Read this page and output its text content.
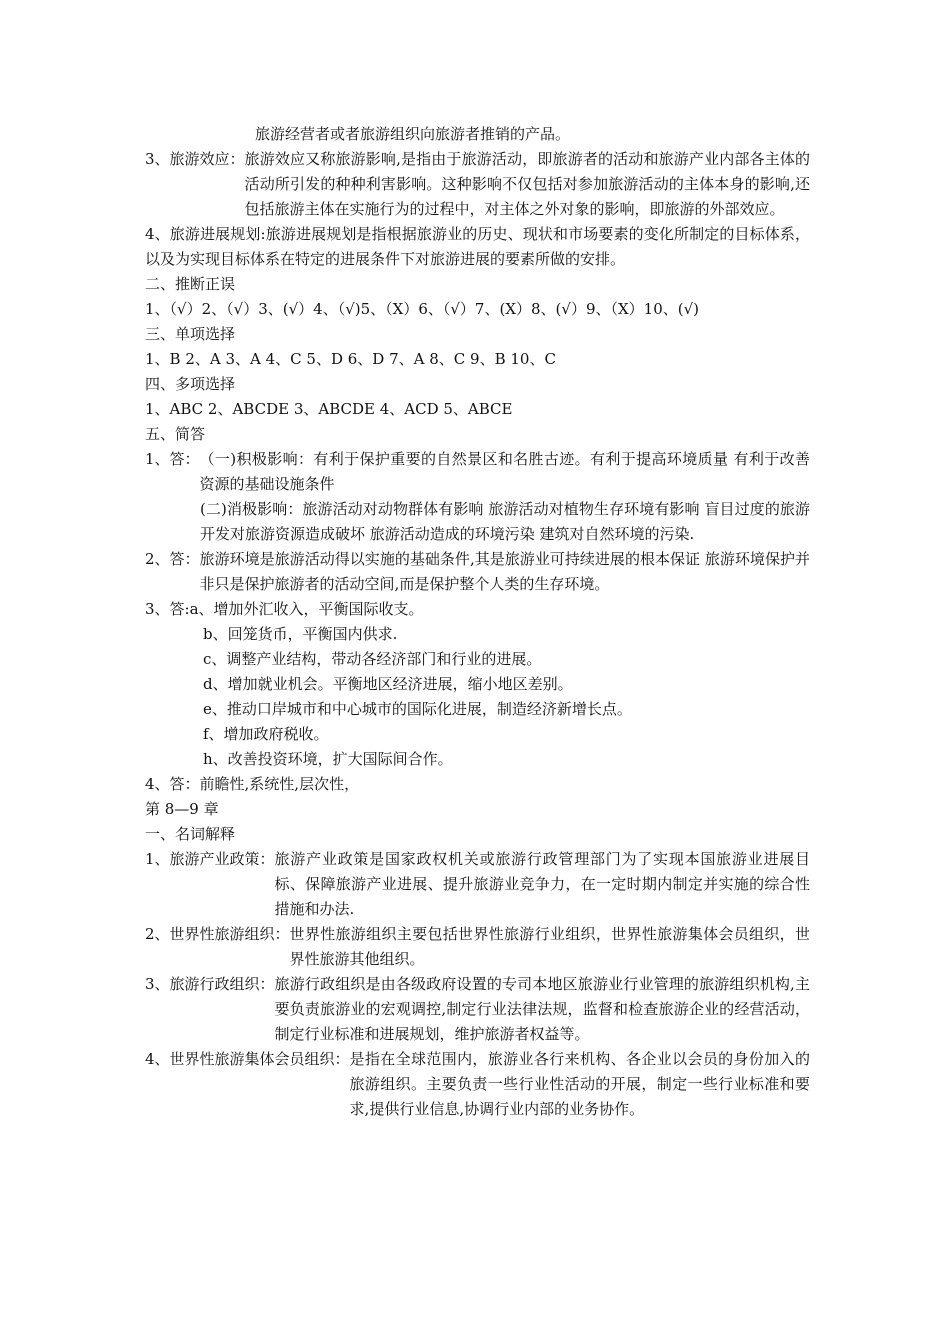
旅游经营者或者旅游组织向旅游者推销的产品。
3、旅游效应： 旅游效应又称旅游影响,是指由于旅游活动，即旅游者的活动和旅游产业内部各主体的活动所引发的种种利害影响。这种影响不仅包括对参加旅游活动的主体本身的影响,还包括旅游主体在实施行为的过程中，对主体之外对象的影响，即旅游的外部效应。
4、旅游进展规划:旅游进展规划是指根据旅游业的历史、现状和市场要素的变化所制定的目标体系，以及为实现目标体系在特定的进展条件下对旅游进展的要素所做的安排。
二、推断正误
1、（√）2、（√）3、(√）4、（√)5、（X）6、（√）7、(X）8、(√）9、（X）10、(√)
三、单项选择
1、B 2、A 3、A 4、C 5、D 6、D 7、A 8、C 9、B 10、C
四、多项选择
1、ABC 2、ABCDE 3、ABCDE 4、ACD 5、ABCE
五、简答
1、答： （一)积极影响：有利于保护重要的自然景区和名胜古迹。有利于提高环境质量 有利于改善资源的基础设施条件
(二)消极影响：旅游活动对动物群体有影响 旅游活动对植物生存环境有影响 盲目过度的旅游开发对旅游资源造成破坏 旅游活动造成的环境污染 建筑对自然环境的污染.
2、答： 旅游环境是旅游活动得以实施的基础条件,其是旅游业可持续进展的根本保证 旅游环境保护并非只是保护旅游者的活动空间,而是保护整个人类的生存环境。
3、答:a、增加外汇收入，平衡国际收支。
b、回笼货币，平衡国内供求.
c、调整产业结构，带动各经济部门和行业的进展。
d、增加就业机会。平衡地区经济进展，缩小地区差别。
e、推动口岸城市和中心城市的国际化进展，制造经济新增长点。
f、增加政府税收。
h、改善投资环境，扩大国际间合作。
4、答：前瞻性,系统性,层次性，
第 8—9 章
一、名词解释
1、旅游产业政策： 旅游产业政策是国家政权机关或旅游行政管理部门为了实现本国旅游业进展目标、保障旅游产业进展、提升旅游业竞争力，在一定时期内制定并实施的综合性措施和办法.
2、世界性旅游组织： 世界性旅游组织主要包括世界性旅游行业组织，世界性旅游集体会员组织，世界性旅游其他组织。
3、旅游行政组织： 旅游行政组织是由各级政府设置的专司本地区旅游业行业管理的旅游组织机构,主要负责旅游业的宏观调控,制定行业法律法规，监督和检查旅游企业的经营活动，制定行业标准和进展规划，维护旅游者权益等。
4、世界性旅游集体会员组织： 是指在全球范围内，旅游业各行来机构、各企业以会员的身份加入的旅游组织。主要负责一些行业性活动的开展，制定一些行业标准和要求,提供行业信息,协调行业内部的业务协作。
